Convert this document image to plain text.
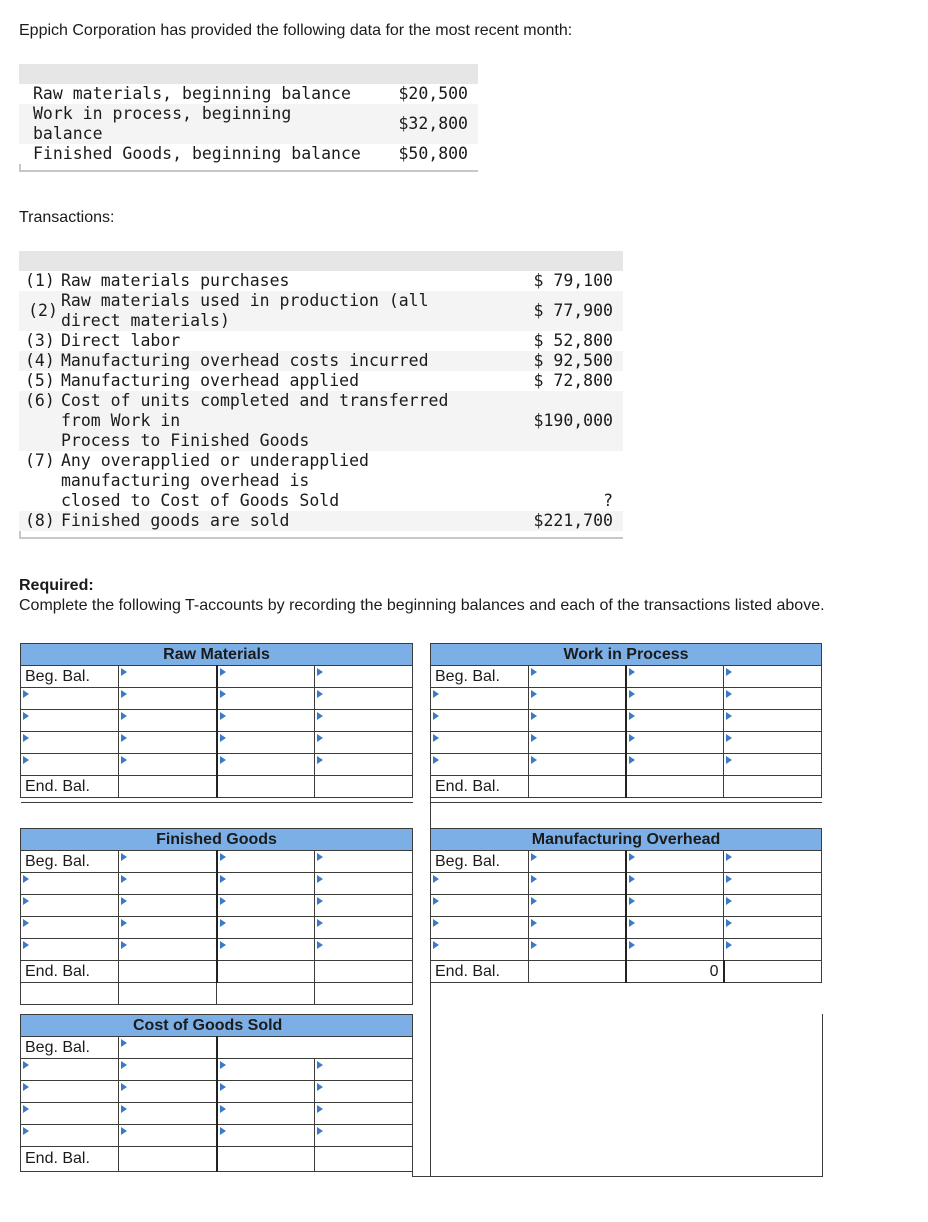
Eppich Corporation has provided the following data for the most recent month:
Raw materials, beginning balance	$20,500
Work in process, beginning
balance
$32,800
Finished Goods, beginning balance $50,800
Transactions:
(1) Raw materials purchases	$ 79,100
(2)
Raw materials used in production (all
direct materials)
$ 77,900
(3) Direct labor	$ 52,800
(4) Manufacturing overhead costs incurred	$ 92,500
(5) Manufacturing overhead applied	$ 72,800
(6) Cost of units completed and transferred
from Work in
Process to Finished Goods
$190,000
(7) Any overapplied or underapplied
manufacturing overhead is
closed to Cost of Goods Sold	?
(8) Finished goods are sold	$221,700
Required:
Complete the following T-accounts by recording the beginning balances and each of the transactions listed above.
Raw Materials			
Beg. Bal.			

End. Bal.			

Work in Process			
Beg. Bal.			

End. Bal.			

Finished Goods			
Beg. Bal.			

End. Bal.			

Manufacturing Overhead			
Beg. Bal.			

End. Bal.		0	
Cost of Goods Sold			
Beg. Bal.			

End. Bal.			
